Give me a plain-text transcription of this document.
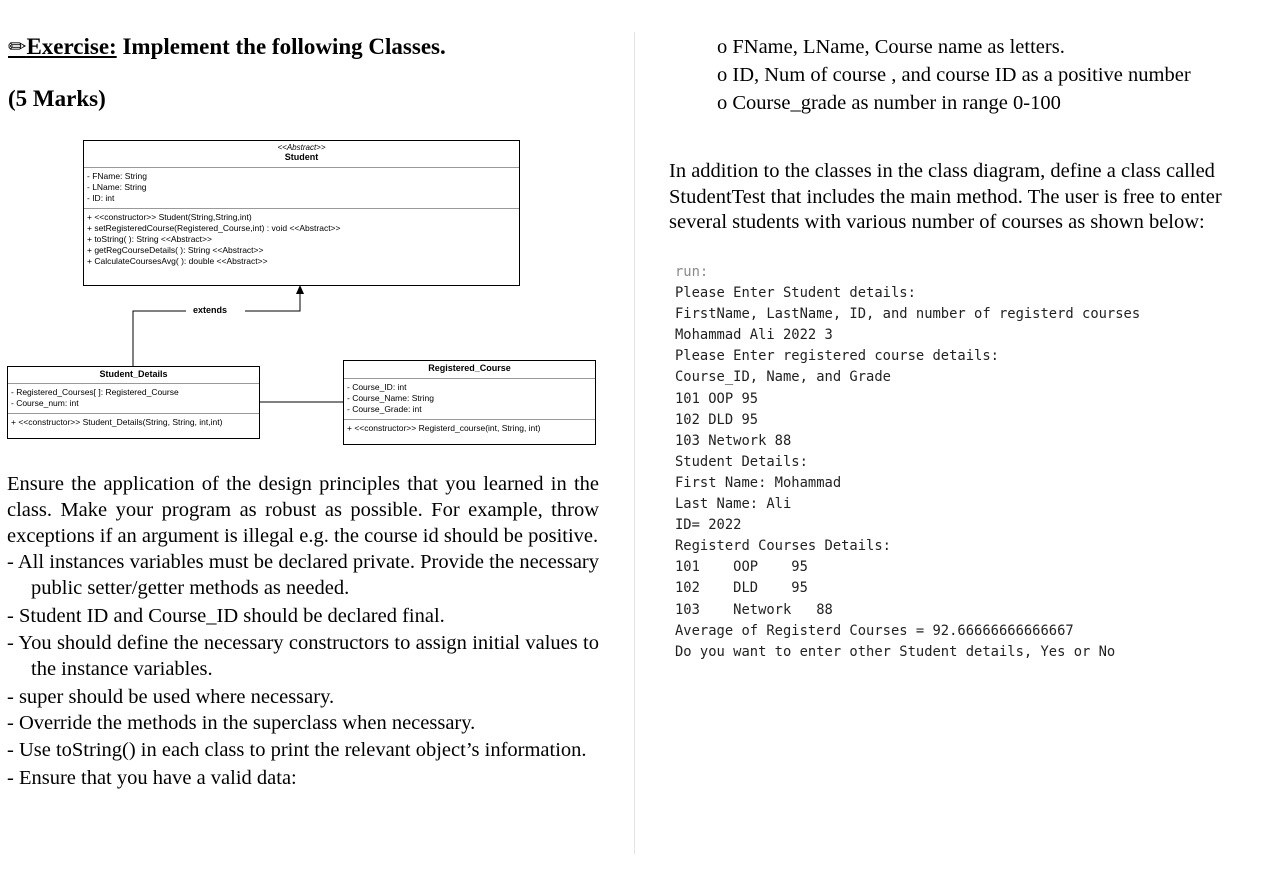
✏Exercise: Implement the following Classes.
(5 Marks)
extends
<<Abstract>>
Student
- FName: String
- LName: String
- ID: int
+ <<constructor>> Student(String,String,int)
+ setRegisteredCourse(Registered_Course,int) : void <<Abstract>>
+ toString( ): String <<Abstract>>
+ getRegCourseDetails( ): String <<Abstract>>
+ CalculateCoursesAvg( ): double <<Abstract>>
Student_Details
- Registered_Courses[ ]: Registered_Course
- Course_num: int
+ <<constructor>> Student_Details(String, String, int,int)
Registered_Course
- Course_ID: int
- Course_Name: String
- Course_Grade: int
+ <<constructor>> Registerd_course(int, String, int)
Ensure the application of the design principles that you learned in the class. Make your program as robust as possible. For example, throw exceptions if an argument is illegal e.g. the course id should be positive.

- All instances variables must be declared private. Provide the necessary public setter/getter methods as needed.

- Student ID and Course_ID should be declared final.

- You should define the necessary constructors to assign initial values to the instance variables.

- super should be used where necessary.

- Override the methods in the superclass when necessary.

- Use toString() in each class to print the relevant object’s information.

- Ensure that you have a valid data:

o FName, LName, Course name as letters.
o ID, Num of course , and course ID as a positive number
o Course_grade as number in range 0-100
In addition to the classes in the class diagram, define a class called StudentTest that includes the main method. The user is free to enter several students with various number of courses as shown below:
run:
Please Enter Student details:
FirstName, LastName, ID, and number of registerd courses
Mohammad Ali 2022 3
Please Enter registered course details:
Course_ID, Name, and Grade
101 OOP 95
102 DLD 95
103 Network 88
Student Details:
First Name: Mohammad
Last Name: Ali
ID= 2022
Registerd Courses Details:
101    OOP    95
102    DLD    95
103    Network   88
Average of Registerd Courses = 92.66666666666667
Do you want to enter other Student details, Yes or No
